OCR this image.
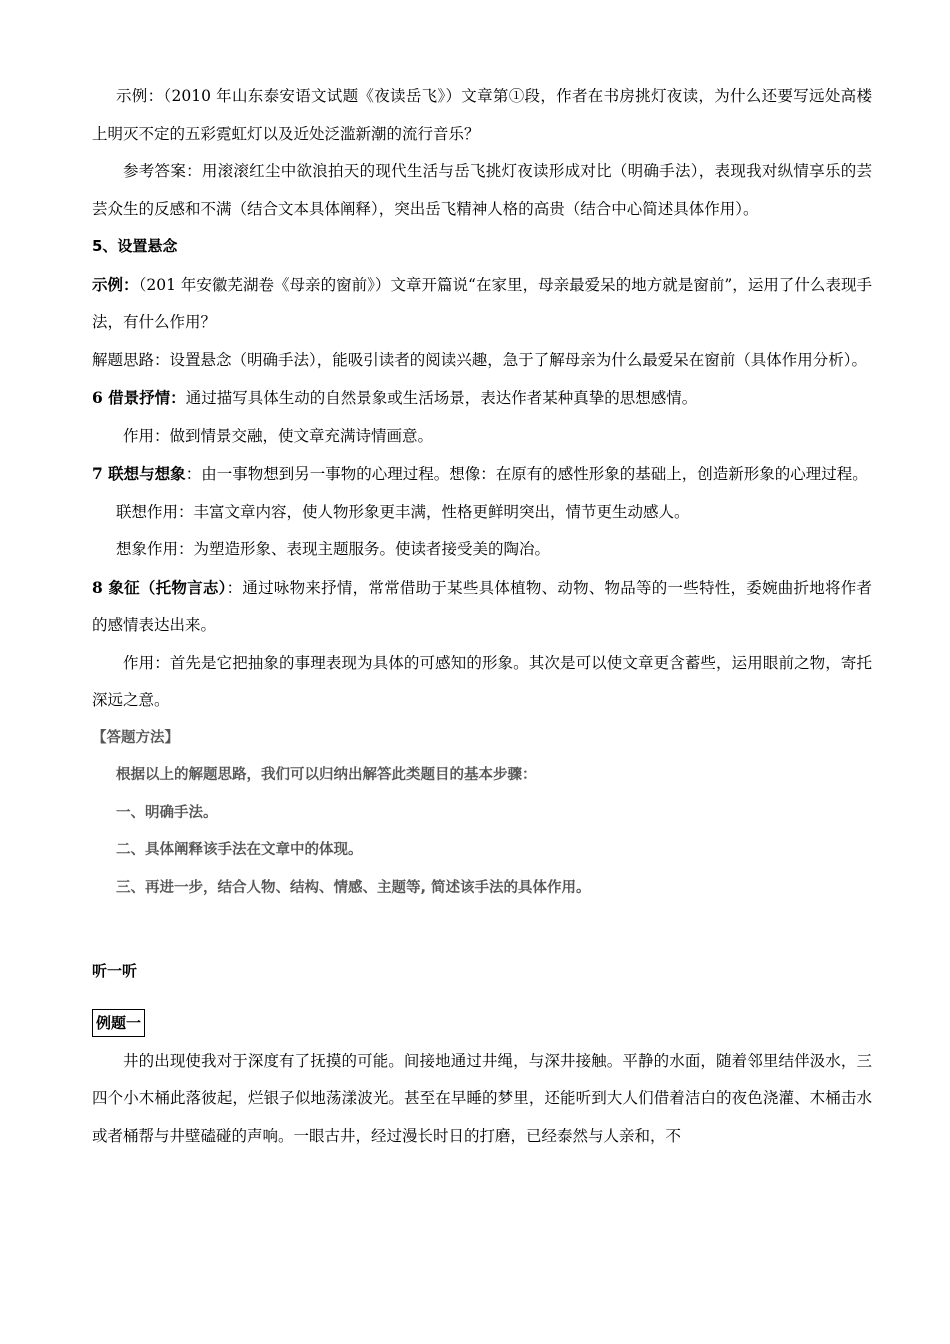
示例：（2010 年山东泰安语文试题《夜读岳飞》）文章第①段，作者在书房挑灯夜读，为什么还要写远处高楼上明灭不定的五彩霓虹灯以及近处泛滥新潮的流行音乐？

参考答案：用滚滚红尘中欲浪拍天的现代生活与岳飞挑灯夜读形成对比（明确手法），表现我对纵情享乐的芸芸众生的反感和不满（结合文本具体阐释），突出岳飞精神人格的高贵（结合中心简述具体作用）。

5、设置悬念

示例：（201 年安徽芜湖卷《母亲的窗前》）文章开篇说“在家里，母亲最爱呆的地方就是窗前”，运用了什么表现手法，有什么作用？

解题思路：设置悬念（明确手法），能吸引读者的阅读兴趣，急于了解母亲为什么最爱呆在窗前（具体作用分析）。

6 借景抒情：通过描写具体生动的自然景象或生活场景，表达作者某种真挚的思想感情。

作用：做到情景交融，使文章充满诗情画意。

7 联想与想象：由一事物想到另一事物的心理过程。想像：在原有的感性形象的基础上，创造新形象的心理过程。

联想作用：丰富文章内容，使人物形象更丰满，性格更鲜明突出，情节更生动感人。

想象作用：为塑造形象、表现主题服务。使读者接受美的陶冶。

8 象征（托物言志）：通过咏物来抒情，常常借助于某些具体植物、动物、物品等的一些特性，委婉曲折地将作者的感情表达出来。

作用：首先是它把抽象的事理表现为具体的可感知的形象。其次是可以使文章更含蓄些，运用眼前之物，寄托深远之意。

【答题方法】

根据以上的解题思路，我们可以归纳出解答此类题目的基本步骤：

一、明确手法。

二、具体阐释该手法在文章中的体现。

三、再进一步，结合人物、结构、情感、主题等, 简述该手法的具体作用。

听一听

例题一

井的出现使我对于深度有了抚摸的可能。间接地通过井绳，与深井接触。平静的水面，随着邻里结伴汲水，三四个小木桶此落彼起，烂银子似地荡漾波光。甚至在早睡的梦里，还能听到大人们借着洁白的夜色浇灌、木桶击水或者桶帮与井壁磕碰的声响。一眼古井，经过漫长时日的打磨，已经泰然与人亲和，不
